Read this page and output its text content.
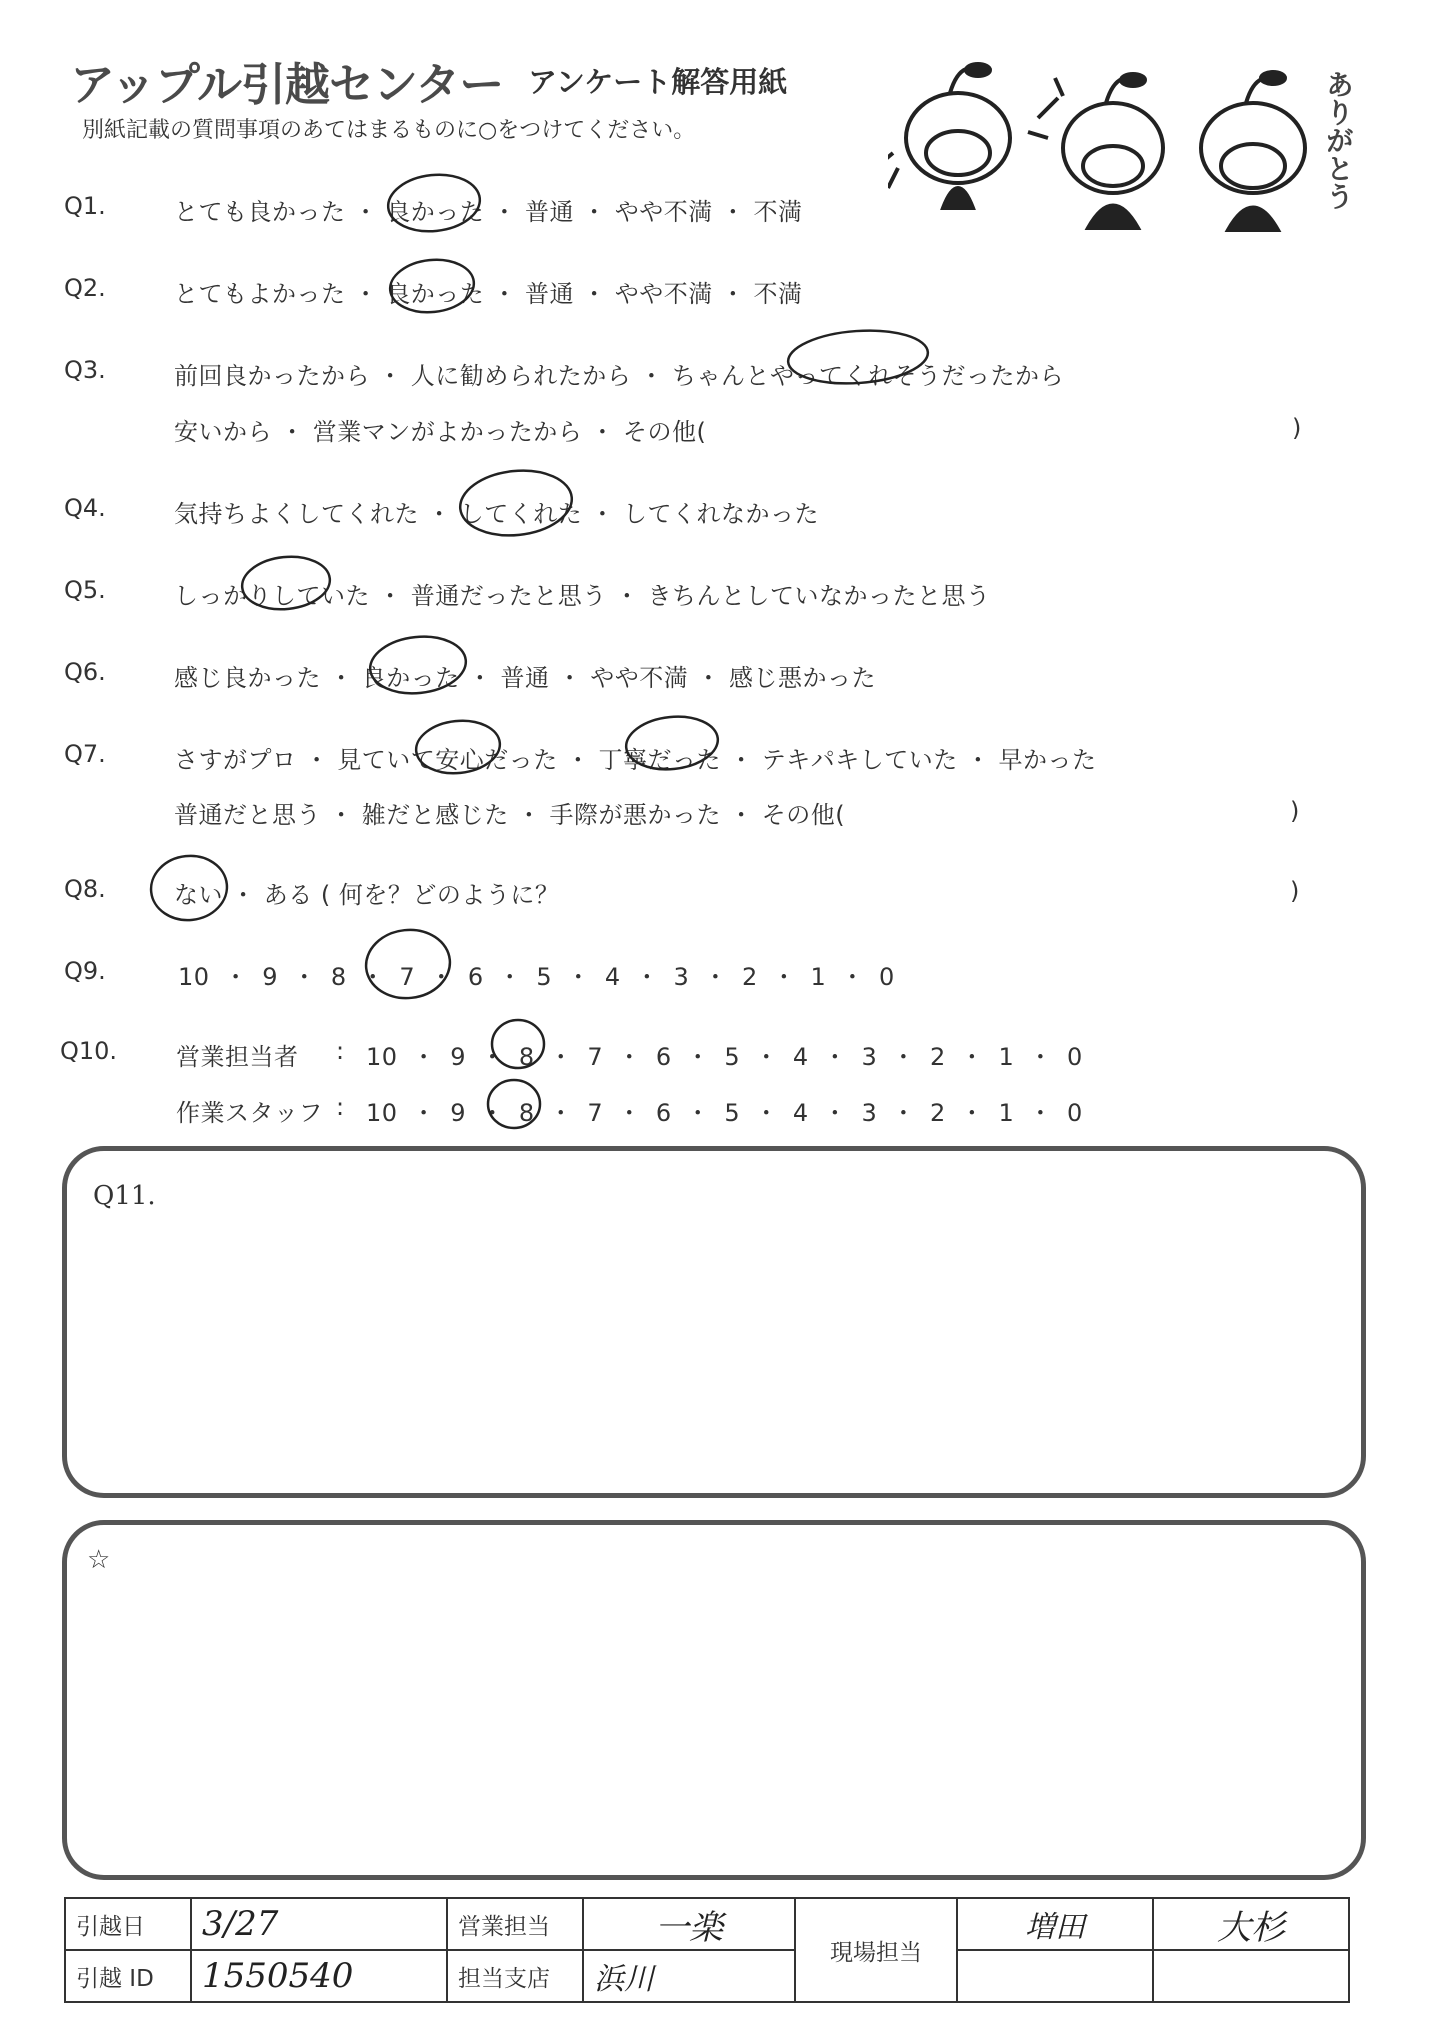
アップル引越センター アンケート解答用紙
別紙記載の質問事項のあてはまるものに○をつけてください。	ありがとう
Q1.	とても良かった ・ 良かった ・ 普通 ・ やや不満 ・ 不満
Q2.	とてもよかった ・ 良かった ・ 普通 ・ やや不満 ・ 不満
Q3.	前回良かったから ・ 人に勧められたから ・ ちゃんとやってくれそうだったから
安いから ・ 営業マンがよかったから ・ その他(	)
Q4.	気持ちよくしてくれた ・ してくれた ・ してくれなかった
Q5.	しっかりしていた ・ 普通だったと思う ・ きちんとしていなかったと思う
Q6.	感じ良かった ・ 良かった ・ 普通 ・ やや不満 ・ 感じ悪かった
Q7.	さすがプロ ・ 見ていて安心だった ・ 丁寧だった ・ テキパキしていた ・ 早かった
普通だと思う ・ 雑だと感じた ・ 手際が悪かった ・ その他(	)
Q8.	ない ・ ある ( 何を？どのように？	)
Q9.	10 ・ 9 ・ 8 ・ 7 ・ 6 ・ 5 ・ 4 ・ 3 ・ 2 ・ 1 ・ 0
Q10. 営業担当者 : 10 ・ 9 ・ 8 ・ 7 ・ 6 ・ 5 ・ 4 ・ 3 ・ 2 ・ 1 ・ 0
作業スタッフ : 10 ・ 9 ・ 8 ・ 7 ・ 6 ・ 5 ・ 4 ・ 3 ・ 2 ・ 1 ・ 0
Q11.
☆
引越日	3/27	営業担当	一楽	現場担当	増田	大杉
引越 ID	1550540	担当支店	浜川			
